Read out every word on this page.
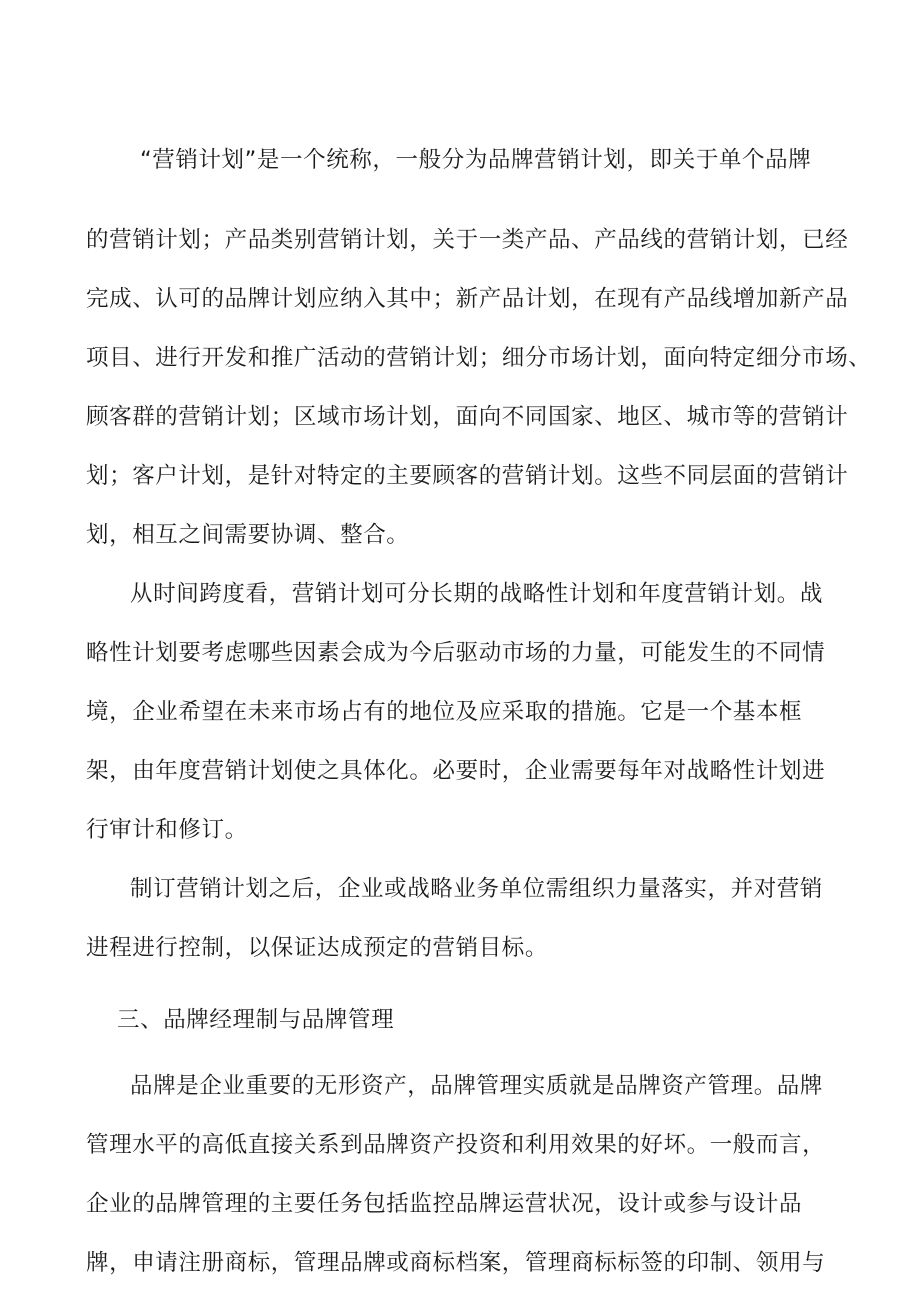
“营销计划”是一个统称，一般分为品牌营销计划，即关于单个品牌
的营销计划；产品类别营销计划，关于一类产品、产品线的营销计划，已经
完成、认可的品牌计划应纳入其中；新产品计划，在现有产品线增加新产品
项目、进行开发和推广活动的营销计划；细分市场计划，面向特定细分市场、
顾客群的营销计划；区域市场计划，面向不同国家、地区、城市等的营销计
划；客户计划，是针对特定的主要顾客的营销计划。这些不同层面的营销计
划，相互之间需要协调、整合。
从时间跨度看，营销计划可分长期的战略性计划和年度营销计划。战
略性计划要考虑哪些因素会成为今后驱动市场的力量，可能发生的不同情
境，企业希望在未来市场占有的地位及应采取的措施。它是一个基本框
架，由年度营销计划使之具体化。必要时，企业需要每年对战略性计划进
行审计和修订。
制订营销计划之后，企业或战略业务单位需组织力量落实，并对营销
进程进行控制，以保证达成预定的营销目标。
三、品牌经理制与品牌管理
品牌是企业重要的无形资产，品牌管理实质就是品牌资产管理。品牌
管理水平的高低直接关系到品牌资产投资和利用效果的好坏。一般而言，
企业的品牌管理的主要任务包括监控品牌运营状况，设计或参与设计品
牌，申请注册商标，管理品牌或商标档案，管理商标标签的印制、领用与
